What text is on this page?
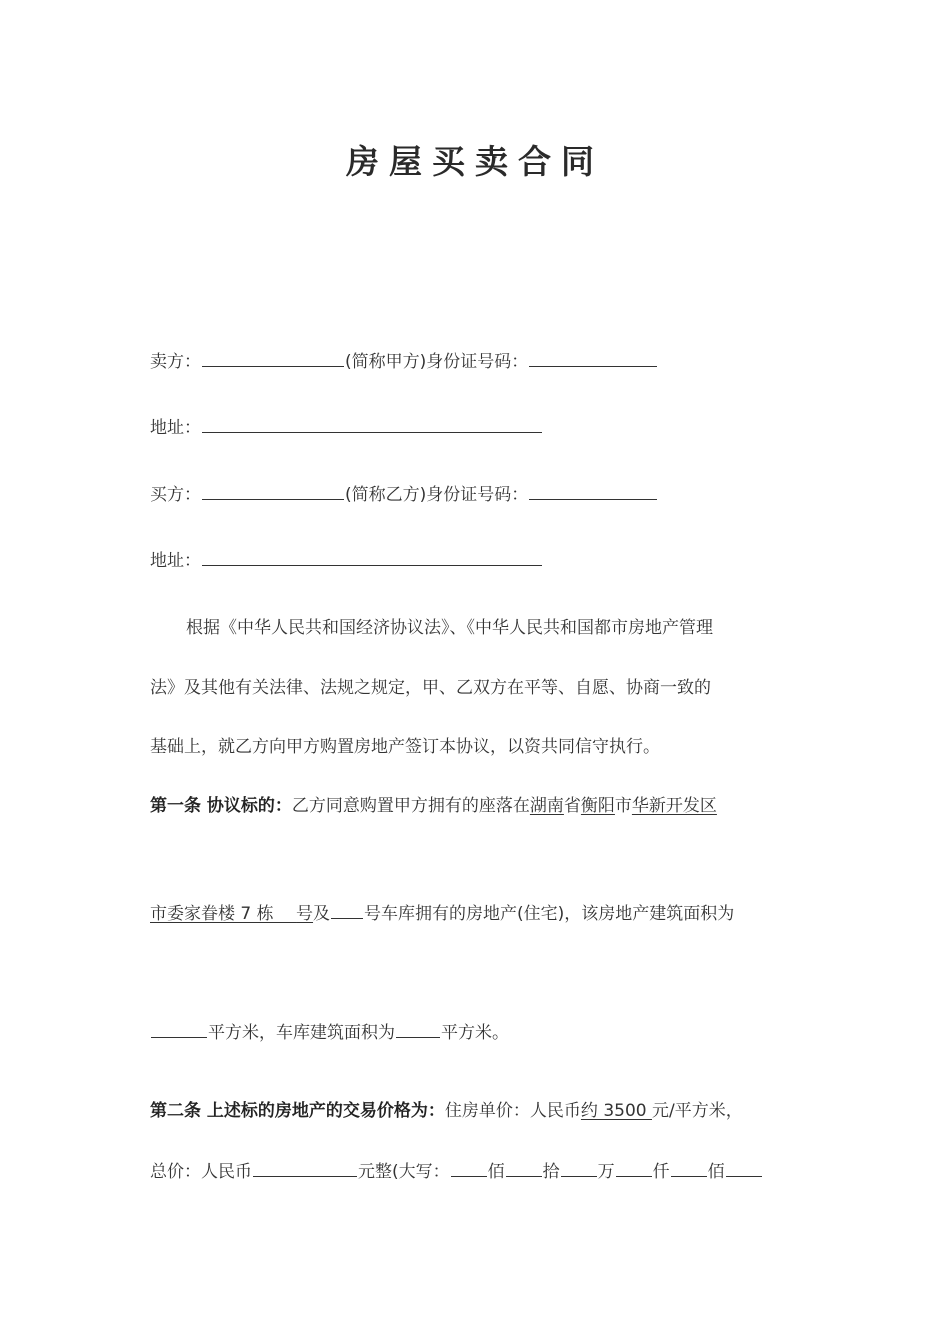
房屋买卖合同
卖方：	(简称甲方)身份证号码：
地址：
买方：	(简称乙方)身份证号码：
地址：
根据《中华人民共和国经济协议法》、《中华人民共和国都市房地产管理
法》及其他有关法律、法规之规定，甲、乙双方在平等、自愿、协商一致的
基础上，就乙方向甲方购置房地产签订本协议，以资共同信守执行。
第一条 协议标的：乙方同意购置甲方拥有的座落在湖南省衡阳市华新开发区
市委家眷楼 7 栋　 号及 号车库拥有的房地产(住宅)，该房地产建筑面积为
平方米，车库建筑面积为	平方米。
第二条 上述标的房地产的交易价格为：住房单价：人民币约 3500 元/平方米，
总价：人民币	元整(大写： 佰 拾 万 仟 佰
